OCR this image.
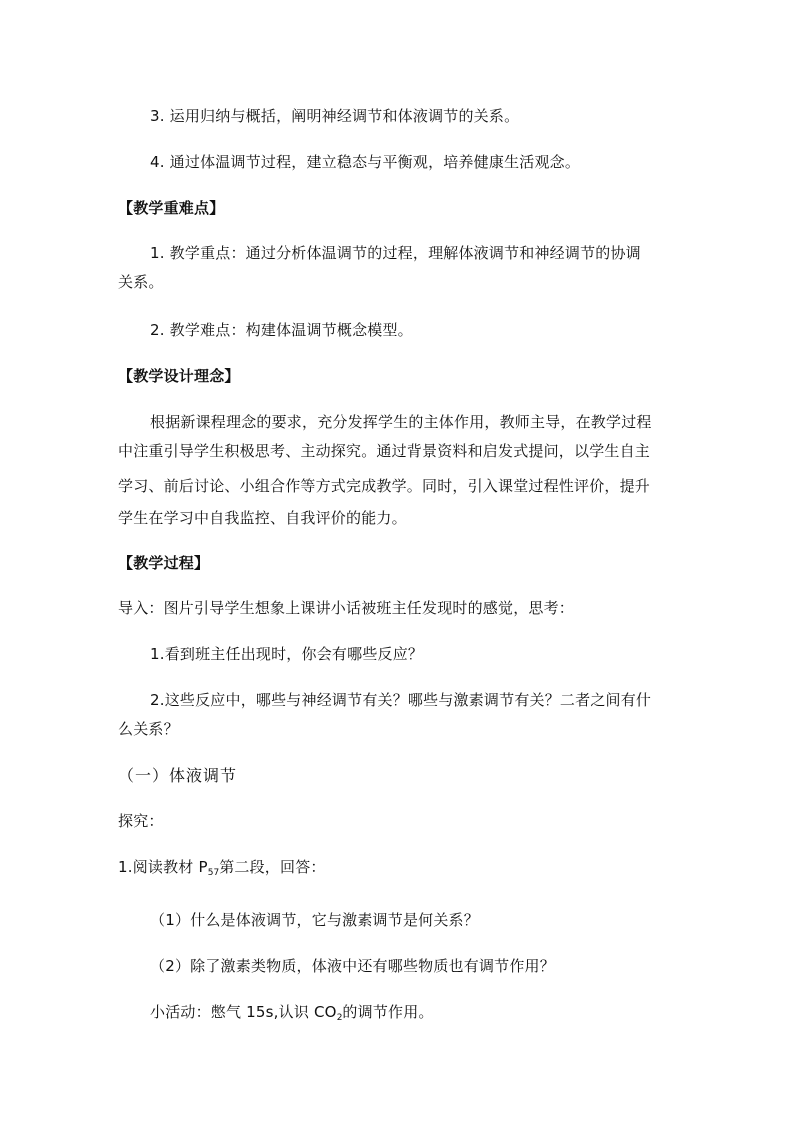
3. 运用归纳与概括，阐明神经调节和体液调节的关系。
4. 通过体温调节过程，建立稳态与平衡观，培养健康生活观念。
【教学重难点】
1. 教学重点：通过分析体温调节的过程，理解体液调节和神经调节的协调
关系。
2. 教学难点：构建体温调节概念模型。
【教学设计理念】
根据新课程理念的要求，充分发挥学生的主体作用，教师主导，在教学过程
中注重引导学生积极思考、主动探究。通过背景资料和启发式提问，以学生自主
学习、前后讨论、小组合作等方式完成教学。同时，引入课堂过程性评价，提升
学生在学习中自我监控、自我评价的能力。
【教学过程】
导入：图片引导学生想象上课讲小话被班主任发现时的感觉，思考：
1.看到班主任出现时，你会有哪些反应？
2.这些反应中，哪些与神经调节有关？哪些与激素调节有关？二者之间有什
么关系？
（一）体液调节
探究：
1.阅读教材 $P_{57}$第二段，回答：
（1）什么是体液调节，它与激素调节是何关系？
（2）除了激素类物质，体液中还有哪些物质也有调节作用？
小活动：憋气 15s,认识 $CO_2$的调节作用。
